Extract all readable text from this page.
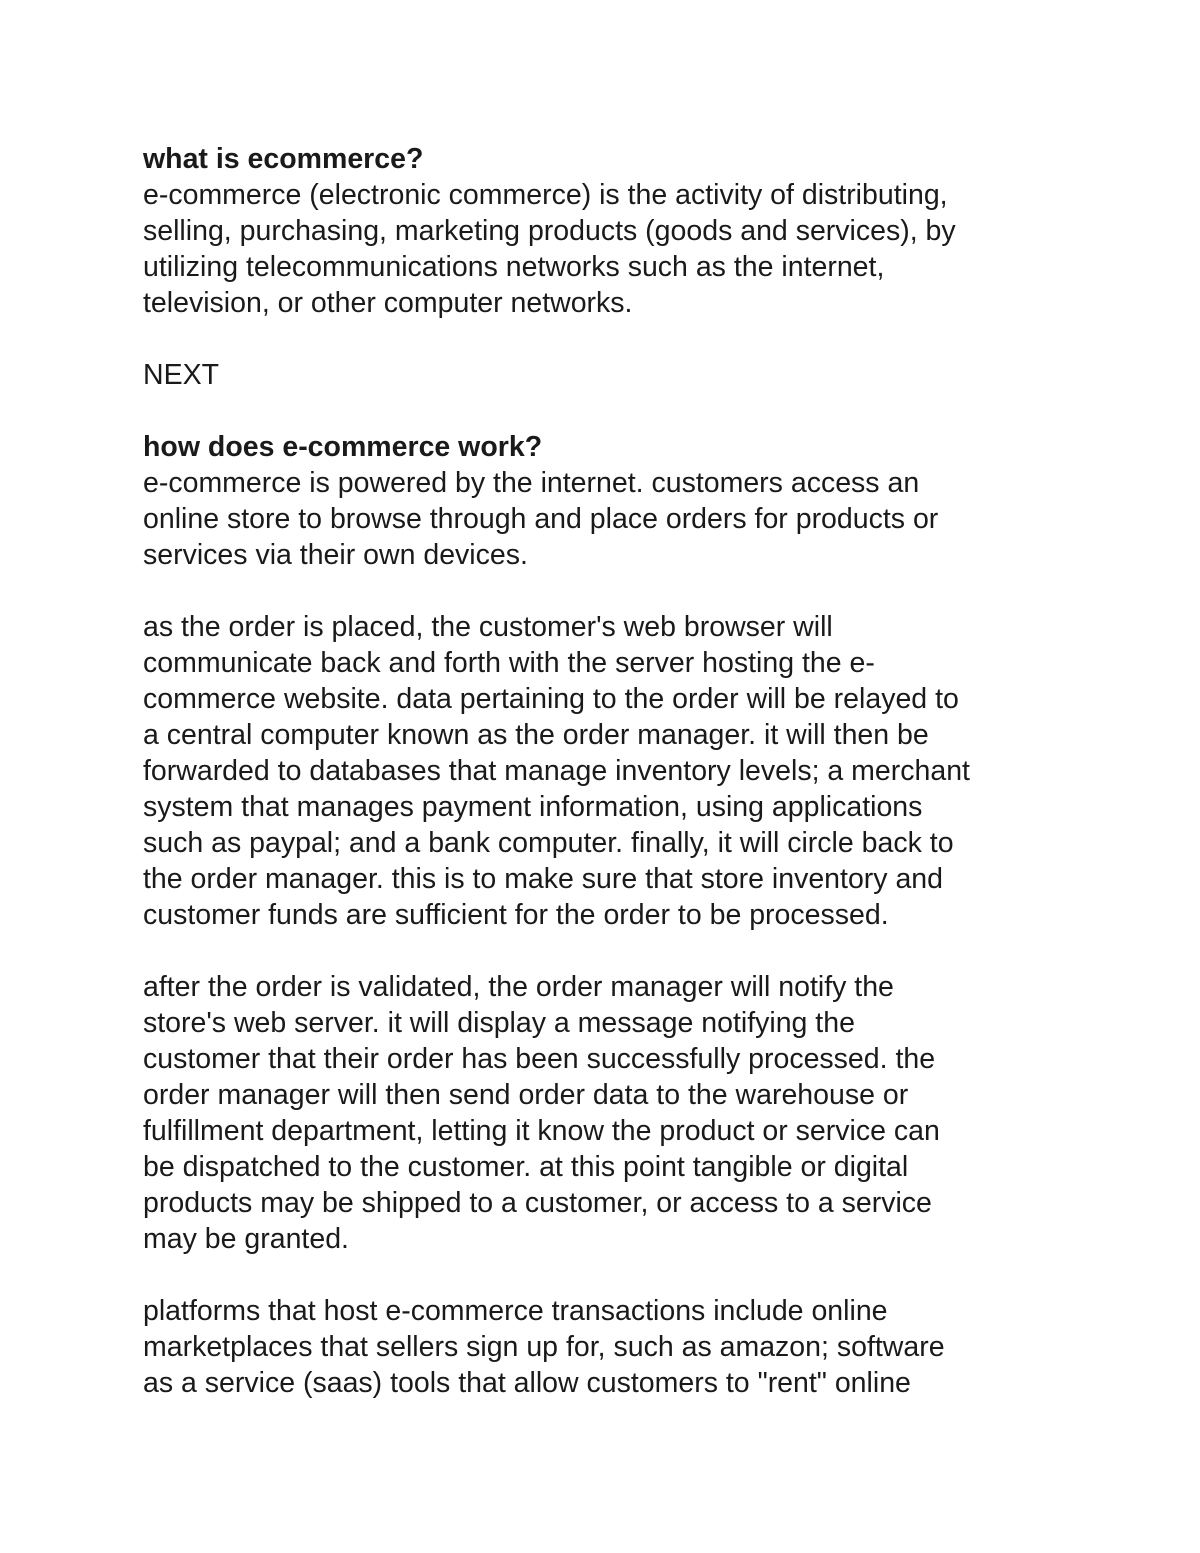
what is ecommerce?
e-commerce (electronic commerce) is the activity of distributing,
selling, purchasing, marketing products (goods and services), by
utilizing telecommunications networks such as the internet,
television, or other computer networks.
NEXT
how does e-commerce work?
e-commerce is powered by the internet. customers access an
online store to browse through and place orders for products or
services via their own devices.
as the order is placed, the customer's web browser will
communicate back and forth with the server hosting the e-
commerce website. data pertaining to the order will be relayed to
a central computer known as the order manager. it will then be
forwarded to databases that manage inventory levels; a merchant
system that manages payment information, using applications
such as paypal; and a bank computer. finally, it will circle back to
the order manager. this is to make sure that store inventory and
customer funds are sufficient for the order to be processed.
after the order is validated, the order manager will notify the
store's web server. it will display a message notifying the
customer that their order has been successfully processed. the
order manager will then send order data to the warehouse or
fulfillment department, letting it know the product or service can
be dispatched to the customer. at this point tangible or digital
products may be shipped to a customer, or access to a service
may be granted.
platforms that host e-commerce transactions include online
marketplaces that sellers sign up for, such as amazon; software
as a service (saas) tools that allow customers to "rent" online
